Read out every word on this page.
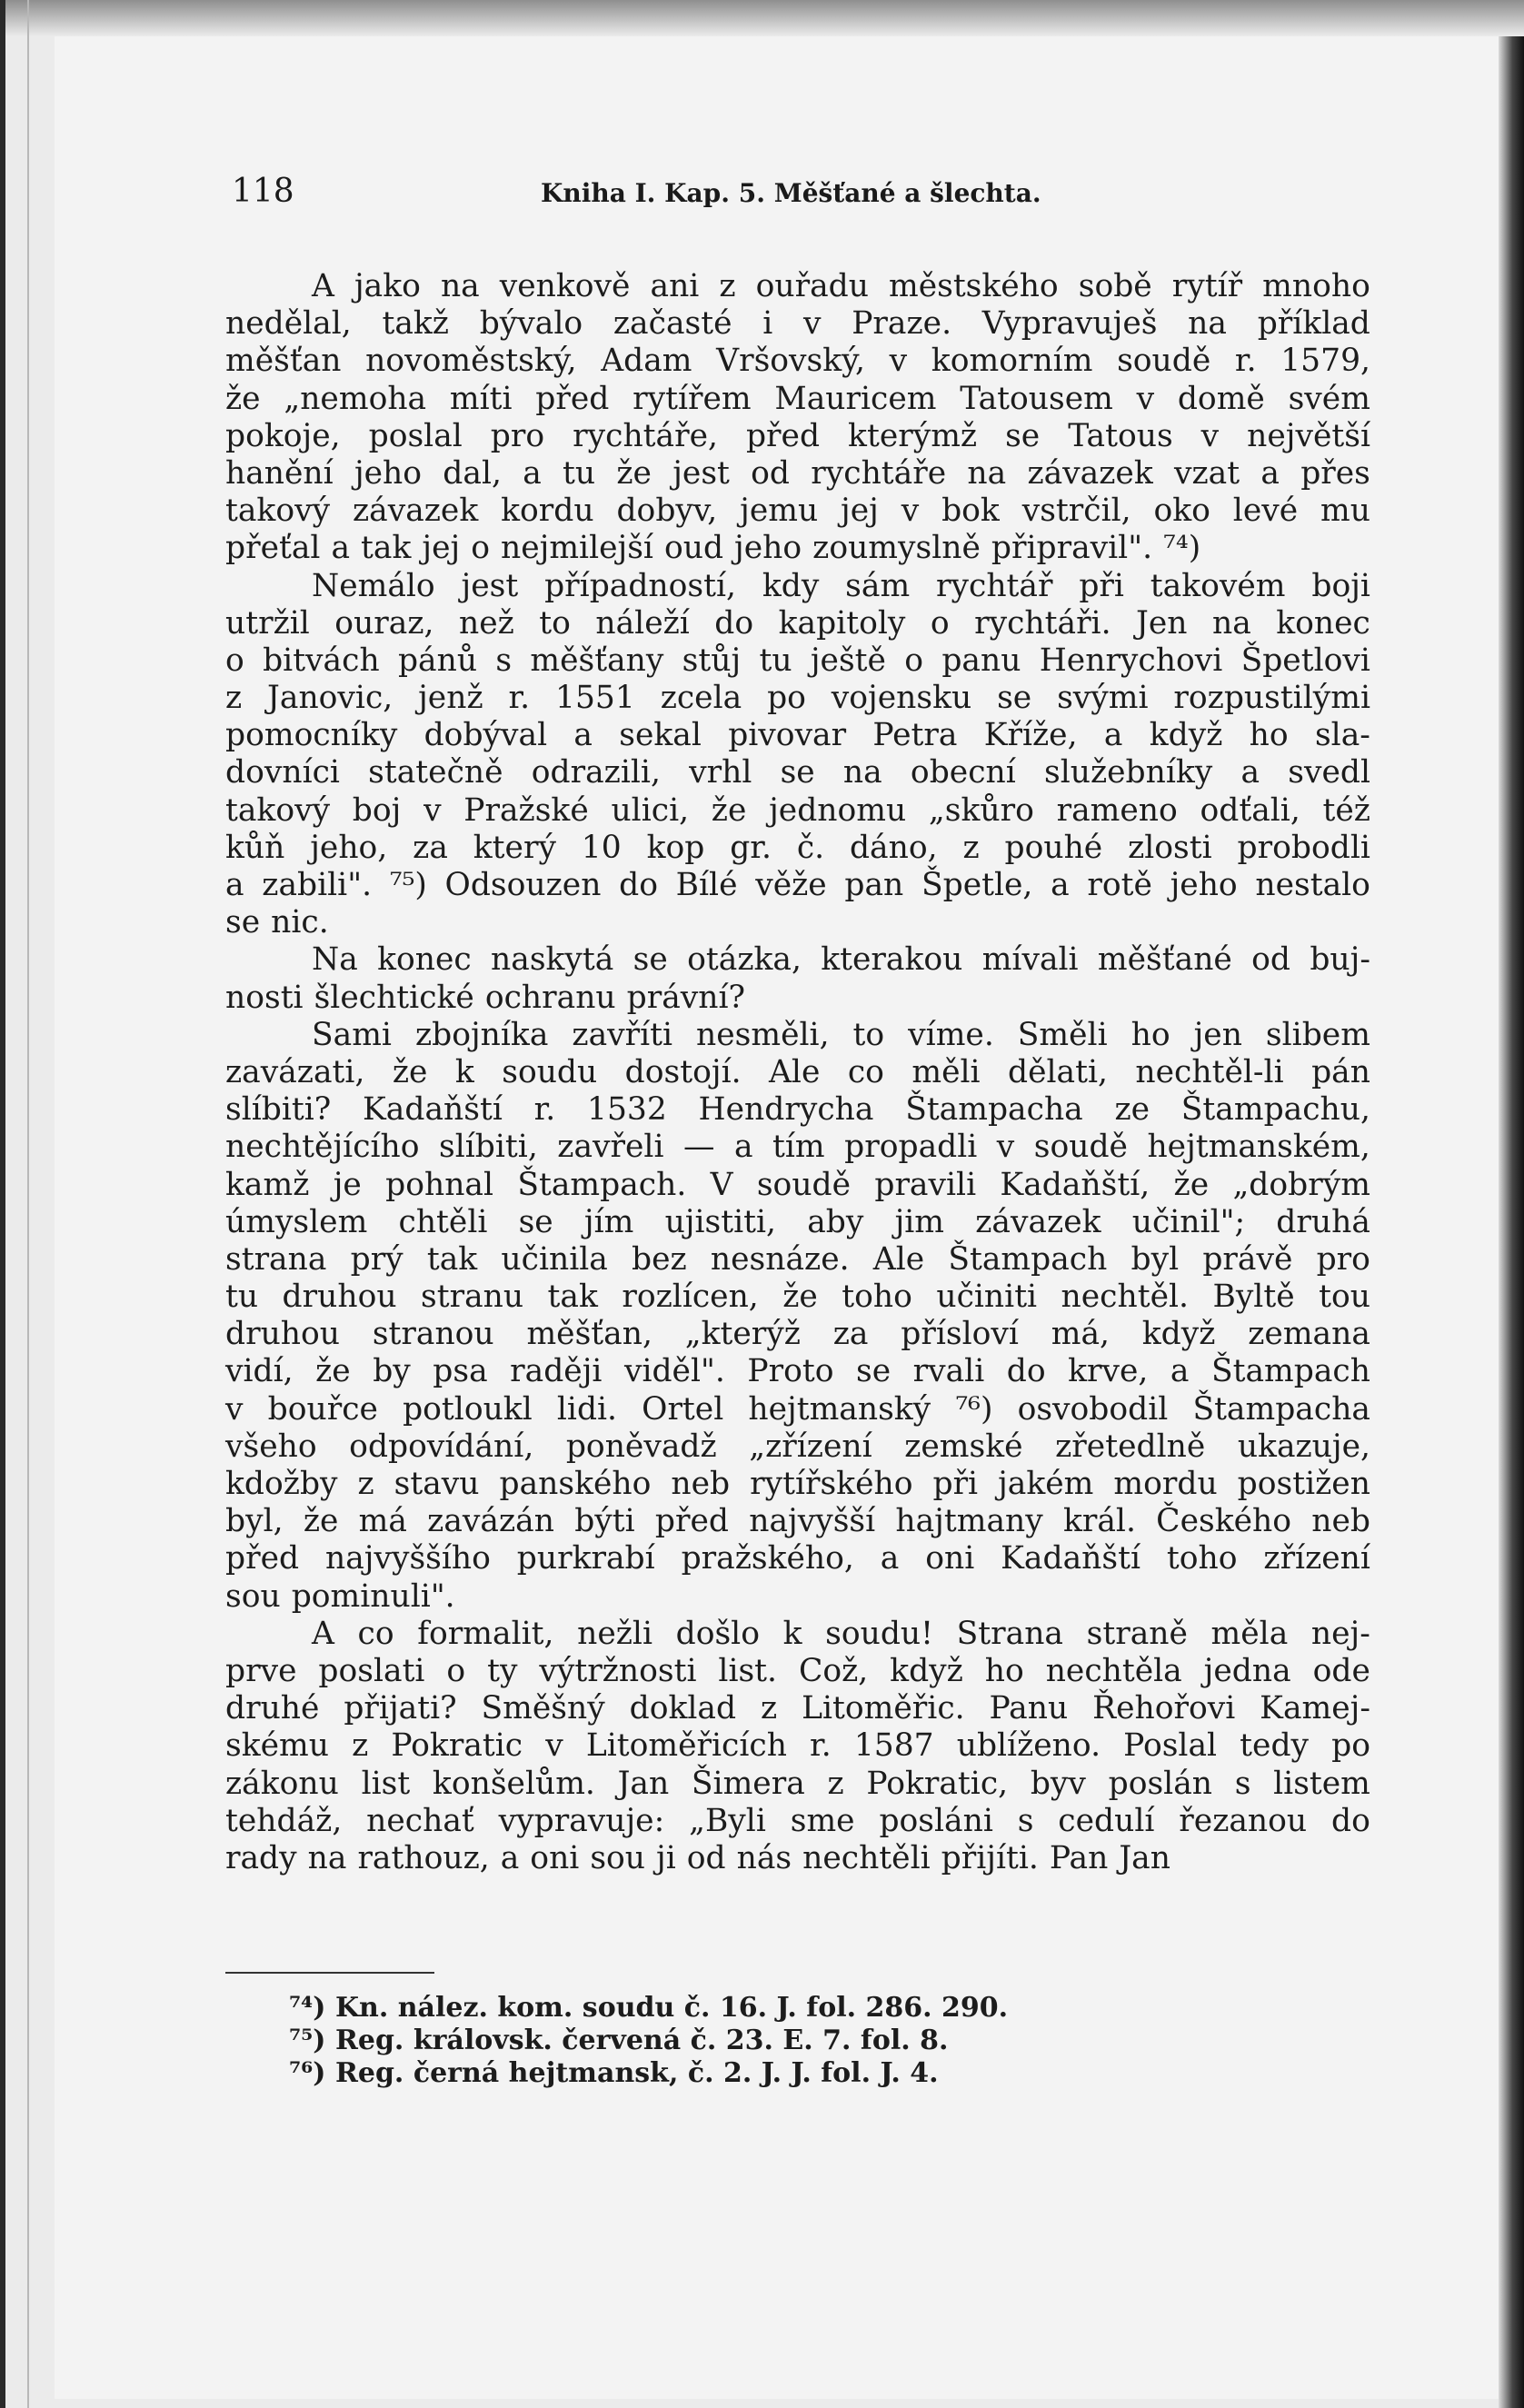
118	Kniha I. Kap. 5. Měšťané a šlechta.
A jako na venkově ani z ouřadu městského sobě rytíř mnoho
nedělal, takž bývalo začasté i v Praze. Vypravuješ na příklad
měšťan novoměstský, Adam Vršovský, v komorním soudě r. 1579,
že „nemoha míti před rytířem Mauricem Tatousem v domě svém
pokoje, poslal pro rychtáře, před kterýmž se Tatous v největší
hanění jeho dal, a tu že jest od rychtáře na závazek vzat a přes
takový závazek kordu dobyv, jemu jej v bok vstrčil, oko levé mu
přeťal a tak jej o nejmilejší oud jeho zoumyslně připravil". ⁷⁴)
Nemálo jest případností, kdy sám rychtář při takovém boji
utržil ouraz, než to náleží do kapitoly o rychtáři. Jen na konec
o bitvách pánů s měšťany stůj tu ještě o panu Henrychovi Špetlovi
z Janovic, jenž r. 1551 zcela po vojensku se svými rozpustilými
pomocníky dobýval a sekal pivovar Petra Kříže, a když ho sla-
dovníci statečně odrazili, vrhl se na obecní služebníky a svedl
takový boj v Pražské ulici, že jednomu „skůro rameno odťali, též
kůň jeho, za který 10 kop gr. č. dáno, z pouhé zlosti probodli
a zabili". ⁷⁵) Odsouzen do Bílé věže pan Špetle, a rotě jeho nestalo
se nic.
Na konec naskytá se otázka, kterakou mívali měšťané od buj-
nosti šlechtické ochranu právní?
Sami zbojníka zavříti nesměli, to víme. Směli ho jen slibem
zavázati, že k soudu dostojí. Ale co měli dělati, nechtěl-li pán
slíbiti? Kadaňští r. 1532 Hendrycha Štampacha ze Štampachu,
nechtějícího slíbiti, zavřeli — a tím propadli v soudě hejtmanském,
kamž je pohnal Štampach. V soudě pravili Kadaňští, že „dobrým
úmyslem chtěli se jím ujistiti, aby jim závazek učinil"; druhá
strana prý tak učinila bez nesnáze. Ale Štampach byl právě pro
tu druhou stranu tak rozlícen, že toho učiniti nechtěl. Byltě tou
druhou stranou měšťan, „kterýž za přísloví má, když zemana
vidí, že by psa raději viděl". Proto se rvali do krve, a Štampach
v bouřce potloukl lidi. Ortel hejtmanský ⁷⁶) osvobodil Štampacha
všeho odpovídání, poněvadž „zřízení zemské zřetedlně ukazuje,
kdožby z stavu panského neb rytířského při jakém mordu postižen
byl, že má zavázán býti před najvyšší hajtmany král. Českého neb
před najvyššího purkrabí pražského, a oni Kadaňští toho zřízení
sou pominuli".
A co formalit, nežli došlo k soudu! Strana straně měla nej-
prve poslati o ty výtržnosti list. Což, když ho nechtěla jedna ode
druhé přijati? Směšný doklad z Litoměřic. Panu Řehořovi Kamej-
skému z Pokratic v Litoměřicích r. 1587 ublíženo. Poslal tedy po
zákonu list konšelům. Jan Šimera z Pokratic, byv poslán s listem
tehdáž, nechať vypravuje: „Byli sme posláni s cedulí řezanou do
rady na rathouz, a oni sou ji od nás nechtěli přijíti. Pan Jan
⁷⁴) Kn. nález. kom. soudu č. 16. J. fol. 286. 290.
⁷⁵) Reg. královsk. červená č. 23. E. 7. fol. 8.
⁷⁶) Reg. černá hejtmansk, č. 2. J. J. fol. J. 4.
